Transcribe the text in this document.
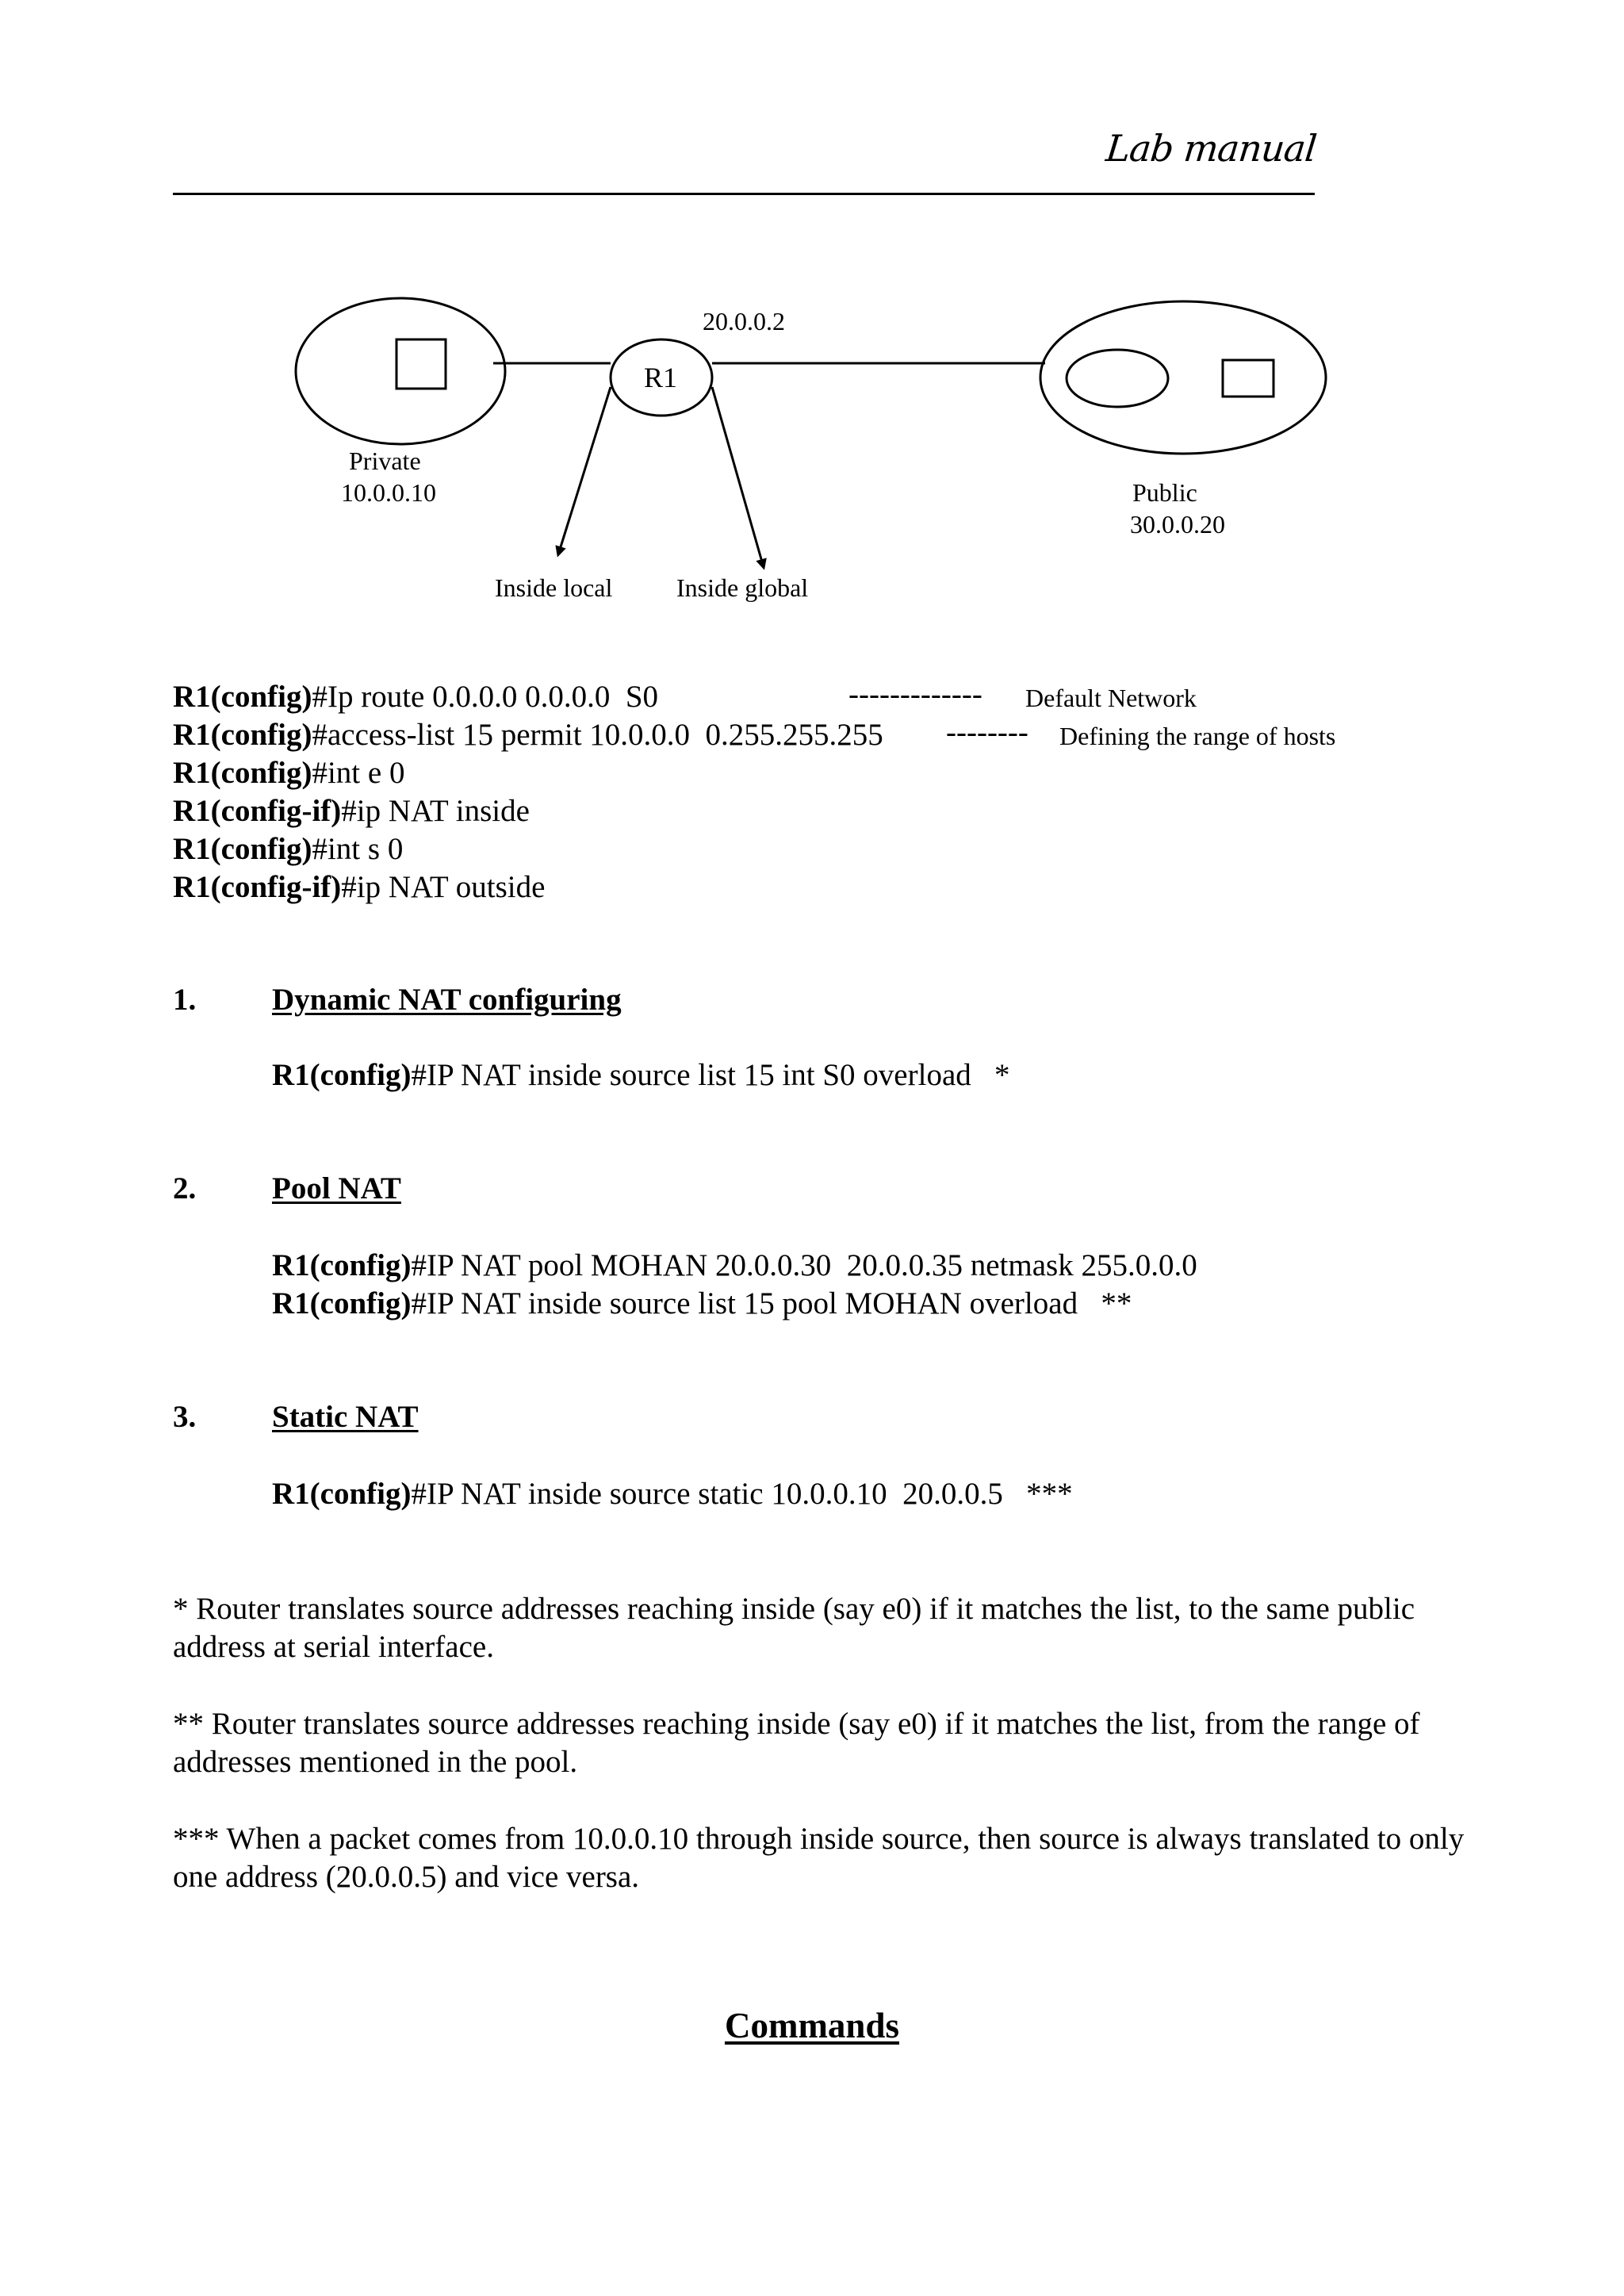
Lab manual
R1
20.0.0.2
Private
10.0.0.10	Public
30.0.0.20
Inside local	Inside global
R1(config)#Ip route 0.0.0.0 0.0.0.0  S0
R1(config)#access-list 15 permit 10.0.0.0  0.255.255.255
R1(config)#int e 0
R1(config-if)#ip NAT inside
R1(config)#int s 0
R1(config-if)#ip NAT outside
------------- Default Network
-------- Defining the range of hosts
1. Dynamic NAT configuring
R1(config)#IP NAT inside source list 15 int S0 overload   *
2. Pool NAT
R1(config)#IP NAT pool MOHAN 20.0.0.30  20.0.0.35 netmask 255.0.0.0
R1(config)#IP NAT inside source list 15 pool MOHAN overload   **
3. Static NAT
R1(config)#IP NAT inside source static 10.0.0.10  20.0.0.5   ***
* Router translates source addresses reaching inside (say e0) if it matches the list, to the same public address at serial interface.
** Router translates source addresses reaching inside (say e0) if it matches the list, from the range of addresses mentioned in the pool.
*** When a packet comes from 10.0.0.10 through inside source, then source is always translated to only one address (20.0.0.5) and vice versa.
Commands
